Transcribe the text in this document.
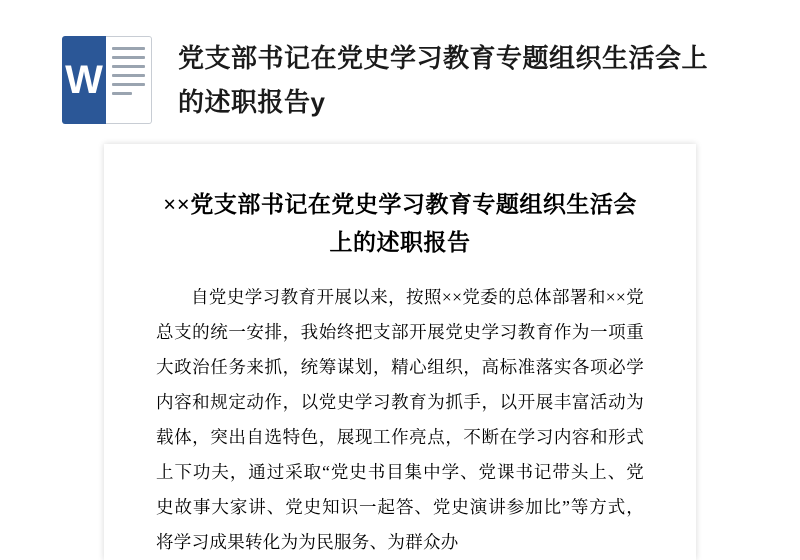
W	党支部书记在党史学习教育专题组织生活会上的述职报告y
××党支部书记在党史学习教育专题组织生活会上的述职报告

自党史学习教育开展以来，按照××党委的总体部署和××党总支的统一安排，我始终把支部开展党史学习教育作为一项重大政治任务来抓，统筹谋划，精心组织，高标准落实各项必学内容和规定动作，以党史学习教育为抓手，以开展丰富活动为载体，突出自选特色，展现工作亮点，不断在学习内容和形式上下功夫，通过采取“党史书目集中学、党课书记带头上、党史故事大家讲、党史知识一起答、党史演讲参加比”等方式，将学习成果转化为为民服务、为群众办
